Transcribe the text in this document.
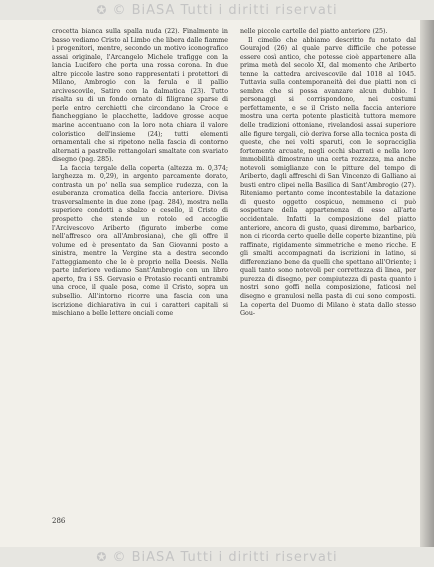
✪ © BiASA Tutti i diritti riservati

crocetta bianca sulla spalla nuda (22). Finalmente in basso vediamo Cristo al Limbo che libera dalle fiamme i progenitori, mentre, secondo un motivo iconografico assai originale, l'Arcangelo Michele trafigge con la lancia Lucifero che porta una rossa corona. In due altre piccole lastre sono rappresentati i protettori di Milano, Ambrogio con la ferula e il pallio arcivescovile, Satiro con la dalmatica (23). Tutto risalta su di un fondo ornato di filigrane sparse di perle entro cerchietti che circondano la Croce e fiancheggiano le placchette, laddove grosse acque marine accentuano con la loro nota chiara il valore coloristico dell'insieme (24); tutti elementi ornamentali che si ripetono nella fascia di contorno alternati a pastrelle rettangolari smaltate con svariato disegno (pag. 285).

La faccia tergale della coperta (altezza m. 0,374; larghezza m. 0,29), in argento parcamente dorato, contrasta un po' nella sua semplice rudezza, con la esuberanza cromatica della faccia anteriore. Divisa trasversalmente in due zone (pag. 284), mostra nella superiore condotti a sbalzo e cesello, il Cristo di prospetto che stende un rotolo ed accoglie l'Arcivescovo Ariberto (figurato imberbe come nell'affresco ora all'Ambrosiana), che gli offre il volume ed è presentato da San Giovanni posto a sinistra, mentre la Vergine sta a destra secondo l'atteggiamento che le è proprio nella Deesis. Nella parte inferiore vediamo Sant'Ambrogio con un libro aperto, fra i SS. Gervasio e Protasio recanti entrambi una croce, il quale posa, come il Cristo, sopra un subsellio. All'intorno ricorre una fascia con una iscrizione dichiarativa in cui i caratteri capitali si mischiano a belle lettere onciali come

nelle piccole cartelle del piatto anteriore (25).

Il cimelio che abbiamo descritto fu notato dal Gourajod (26) al quale parve difficile che potesse essere così antico, che potesse cioè appartenere alla prima metà del secolo XI, dal momento che Ariberto tenne la cattedra arcivescovile dal 1018 al 1045. Tuttavia sulla contemporaneità dei due piatti non ci sembra che si possa avanzare alcun dubbio. I personaggi si corrispondono, nei costumi perfettamente, e se il Cristo nella faccia anteriore mostra una certa potente plasticità tuttora memore delle tradizioni ottoniane, rivelandosi assai superiore alle figure tergali, ciò deriva forse alla tecnica posta di queste, che nei volti sparuti, con le sopracciglia fortemente arcuate, negli occhi sbarrati e nella loro immobilità dimostrano una certa rozzezza, ma anche notevoli somiglianze con le pitture del tempo di Ariberto, dagli affreschi di San Vincenzo di Galliano ai busti entro clipei nella Basilica di Sant'Ambrogio (27). Riteniamo pertanto come incontestabile la datazione di questo oggetto cospicuo, nemmeno ci può sospettare della appartenenza di esso all'arte occidentale. Infatti la composizione del piatto anteriore, ancora di gusto, quasi diremmo, barbarico, non ci ricorda certo quelle delle coperte bizantine, più raffinate, rigidamente simmetriche e meno ricche. E gli smalti accompagnati da iscrizioni in latino, si differenziano bene da quelli che spettano all'Oriente; i quali tanto sono notevoli per correttezza di linea, per purezza di disegno, per compiutezza di pasta quanto i nostri sono goffi nella composizione, faticosi nel disegno e granulosi nella pasta di cui sono composti. La coperta del Duomo di Milano è stata dallo stesso Gou-

286
✪ © BiASA Tutti i diritti riservati
